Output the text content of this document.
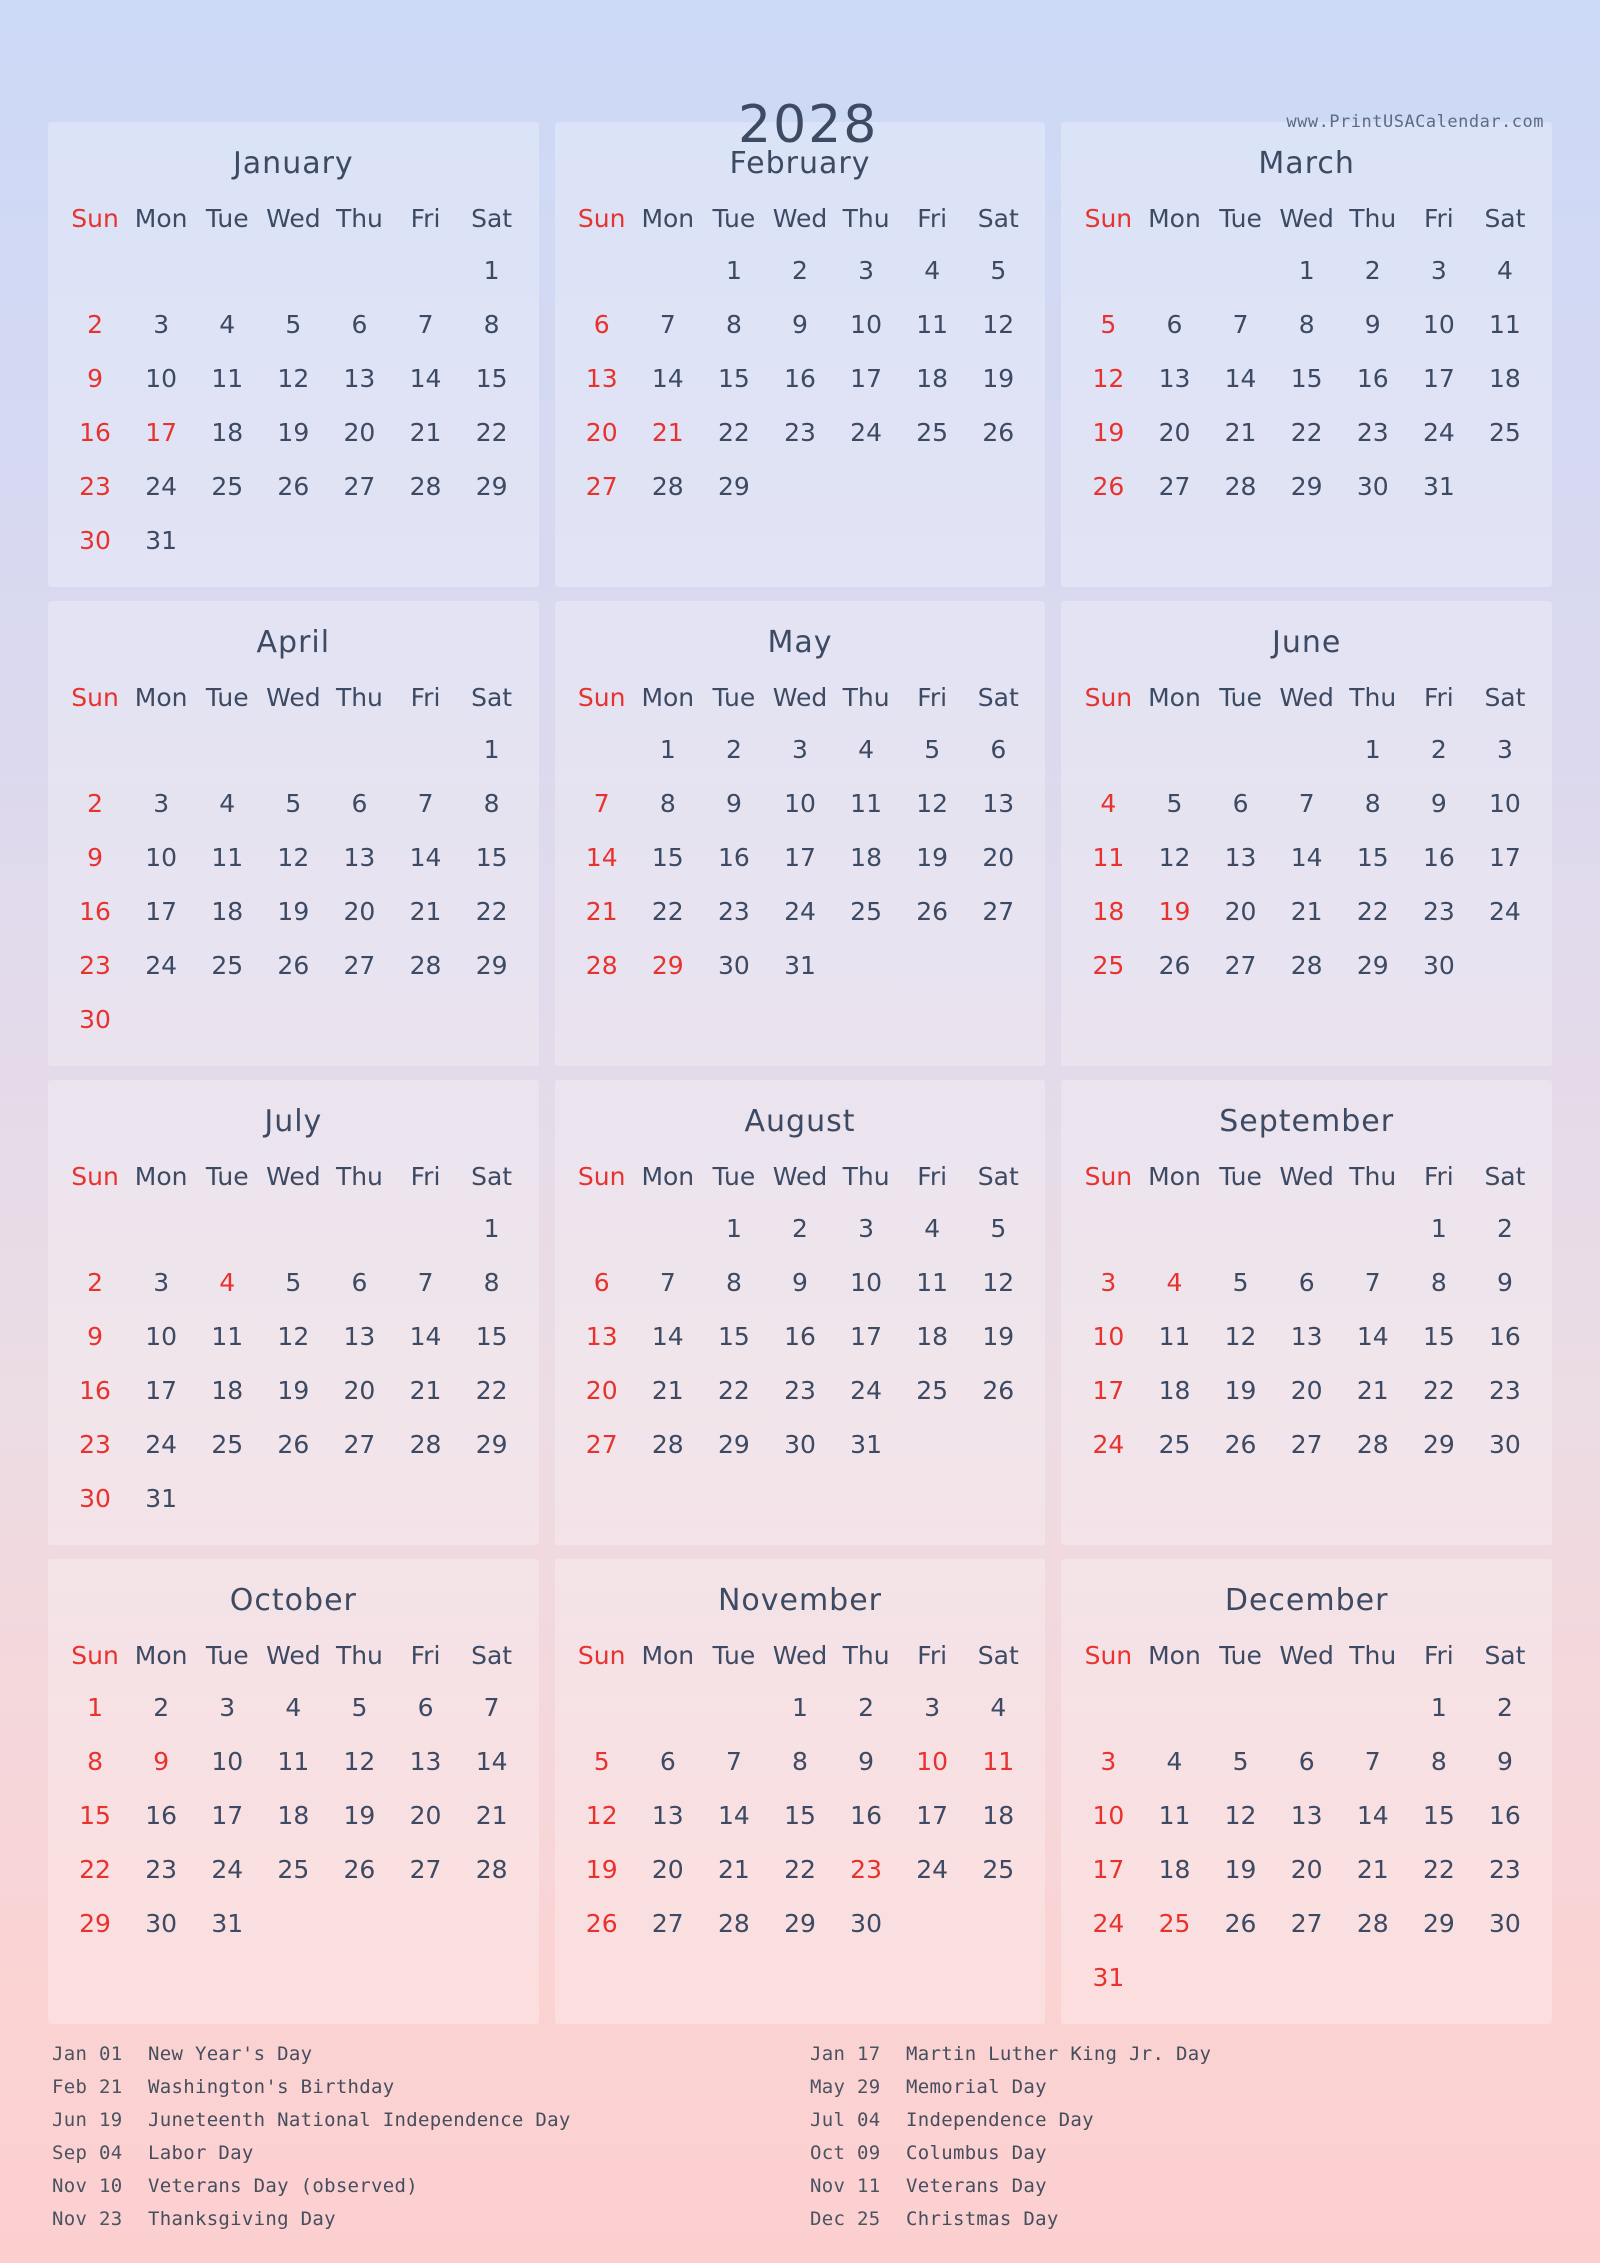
2028	www.PrintUSACalendar.com
January
Sun	Mon	Tue	Wed	Thu	Fri	Sat
						1
2	3	4	5	6	7	8
9	10	11	12	13	14	15
16	17	18	19	20	21	22
23	24	25	26	27	28	29
30	31					
February
Sun	Mon	Tue	Wed	Thu	Fri	Sat
		1	2	3	4	5
6	7	8	9	10	11	12
13	14	15	16	17	18	19
20	21	22	23	24	25	26
27	28	29				
March
Sun	Mon	Tue	Wed	Thu	Fri	Sat
			1	2	3	4
5	6	7	8	9	10	11
12	13	14	15	16	17	18
19	20	21	22	23	24	25
26	27	28	29	30	31	
April
Sun	Mon	Tue	Wed	Thu	Fri	Sat
						1
2	3	4	5	6	7	8
9	10	11	12	13	14	15
16	17	18	19	20	21	22
23	24	25	26	27	28	29
30						
May
Sun	Mon	Tue	Wed	Thu	Fri	Sat
	1	2	3	4	5	6
7	8	9	10	11	12	13
14	15	16	17	18	19	20
21	22	23	24	25	26	27
28	29	30	31			
June
Sun	Mon	Tue	Wed	Thu	Fri	Sat
				1	2	3
4	5	6	7	8	9	10
11	12	13	14	15	16	17
18	19	20	21	22	23	24
25	26	27	28	29	30	
July
Sun	Mon	Tue	Wed	Thu	Fri	Sat
						1
2	3	4	5	6	7	8
9	10	11	12	13	14	15
16	17	18	19	20	21	22
23	24	25	26	27	28	29
30	31					
August
Sun	Mon	Tue	Wed	Thu	Fri	Sat
		1	2	3	4	5
6	7	8	9	10	11	12
13	14	15	16	17	18	19
20	21	22	23	24	25	26
27	28	29	30	31		
September
Sun	Mon	Tue	Wed	Thu	Fri	Sat
					1	2
3	4	5	6	7	8	9
10	11	12	13	14	15	16
17	18	19	20	21	22	23
24	25	26	27	28	29	30
October
Sun	Mon	Tue	Wed	Thu	Fri	Sat
1	2	3	4	5	6	7
8	9	10	11	12	13	14
15	16	17	18	19	20	21
22	23	24	25	26	27	28
29	30	31				
November
Sun	Mon	Tue	Wed	Thu	Fri	Sat
			1	2	3	4
5	6	7	8	9	10	11
12	13	14	15	16	17	18
19	20	21	22	23	24	25
26	27	28	29	30		
December
Sun	Mon	Tue	Wed	Thu	Fri	Sat
					1	2
3	4	5	6	7	8	9
10	11	12	13	14	15	16
17	18	19	20	21	22	23
24	25	26	27	28	29	30
31						
Jan 01	New Year's Day	Jan 17	Martin Luther King Jr. Day
Feb 21	Washington's Birthday	May 29	Memorial Day
Jun 19	Juneteenth National Independence Day	Jul 04	Independence Day
Sep 04	Labor Day	Oct 09	Columbus Day
Nov 10	Veterans Day (observed)	Nov 11	Veterans Day
Nov 23	Thanksgiving Day	Dec 25	Christmas Day
